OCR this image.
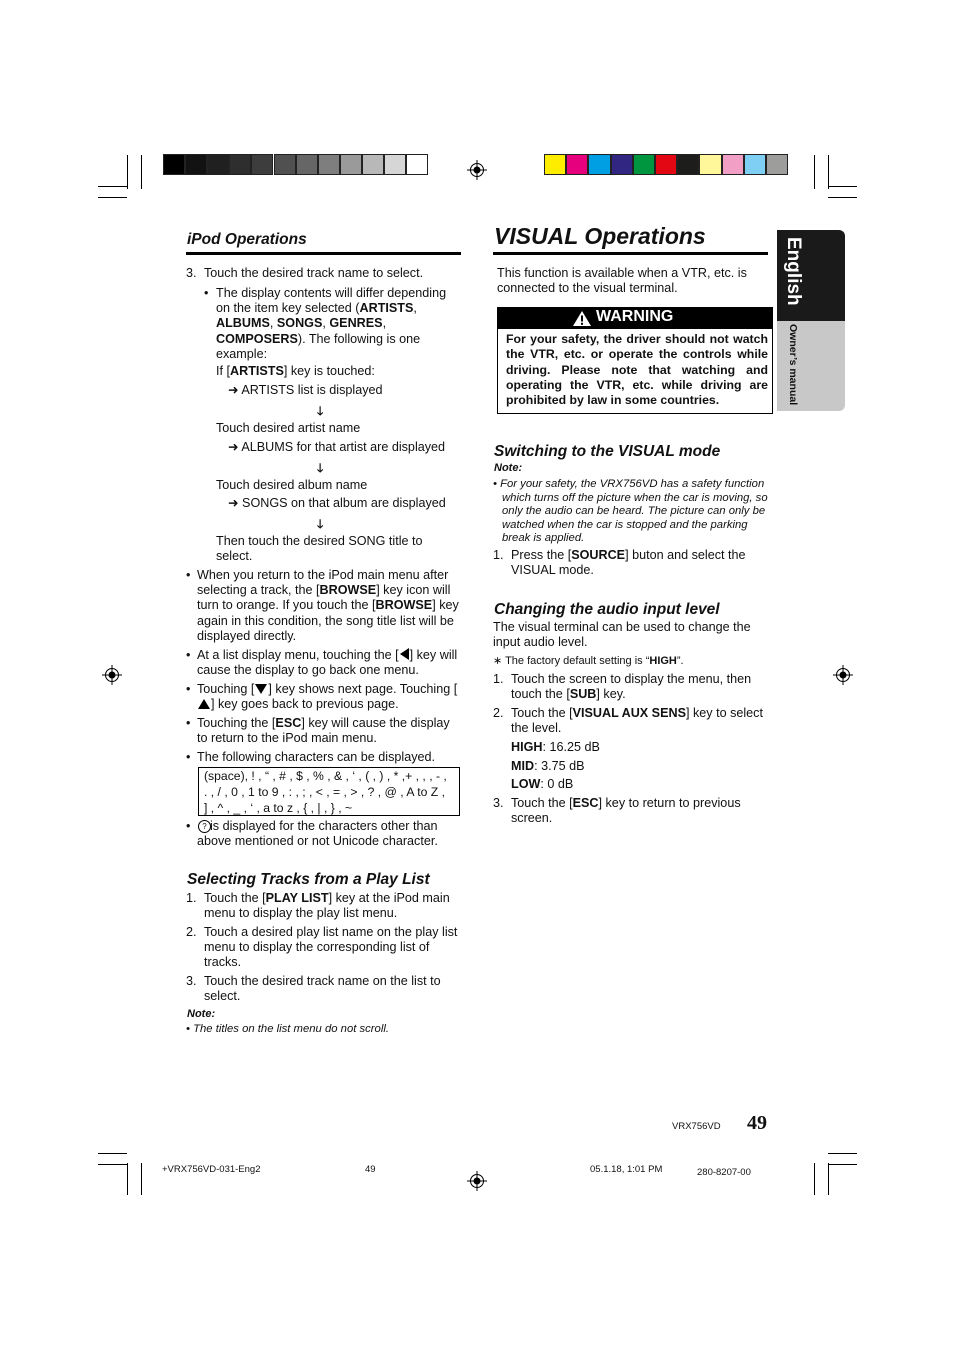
English
Owner’s manual
iPod Operations
3. Touch the desired track name to select.
• The display contents will differ depending on the item key selected (ARTISTS, ALBUMS, SONGS, GENRES, COMPOSERS). The following is one example:
If [ARTISTS] key is touched:
➜ ARTISTS list is displayed
🡓
Touch desired artist name
➜ ALBUMS for that artist are displayed
🡓
Touch desired album name
➜ SONGS on that album are displayed
🡓
Then touch the desired SONG title to select.
• When you return to the iPod main menu after selecting a track, the [BROWSE] key icon will turn to orange. If you touch the [BROWSE] key again in this condition, the song title list will be displayed directly.
• At a list display menu, touching the [ ] key will cause the display to go back one menu.
• Touching [ ] key shows next page. Touching [] key goes back to previous page.
• Touching the [ESC] key will cause the display to return to the iPod main menu.
• The following characters can be displayed.
(space), ! , “ , # , $ , % , & , ‘ , ( , ) , * ,+ , , , - ,
. , / , 0 , 1 to 9 , : , ; , < , = , > , ? , @ , A to Z ,
] , ^ , _ , ‘ , a to z , { , | , } , ~
•	? is displayed for the characters other than above mentioned or not Unicode character.
Selecting Tracks from a Play List
1. Touch the [PLAY LIST] key at the iPod main menu to display the play list menu.
2. Touch a desired play list name on the play list menu to display the corresponding list of tracks.
3. Touch the desired track name on the list to select.
Note:
• The titles on the list menu do not scroll.
VISUAL Operations
This function is available when a VTR, etc. is connected to the visual terminal.
WARNING
For your safety, the driver should not watch the VTR, etc. or operate the controls while driving. Please note that watching and operating the VTR, etc. while driving are prohibited by law in some countries.
Switching to the VISUAL mode
Note:
• For your safety, the VRX756VD has a safety function which turns off the picture when the car is moving, so only the audio can be heard. The picture can only be watched when the car is stopped and the parking break is applied.
1. Press the [SOURCE] buton and select the VISUAL mode.
Changing the audio input level
The visual terminal can be used to change the input audio level.
∗ The factory default setting is “HIGH”.
1. Touch the screen to display the menu, then touch the [SUB] key.
2. Touch the [VISUAL AUX SENS] key to select the level.
HIGH: 16.25 dB
MID: 3.75 dB
LOW: 0 dB
3. Touch the [ESC] key to return to previous screen.
VRX756VD 49
+VRX756VD-031-Eng2	49	05.1.18, 1:01 PM	280-8207-00
